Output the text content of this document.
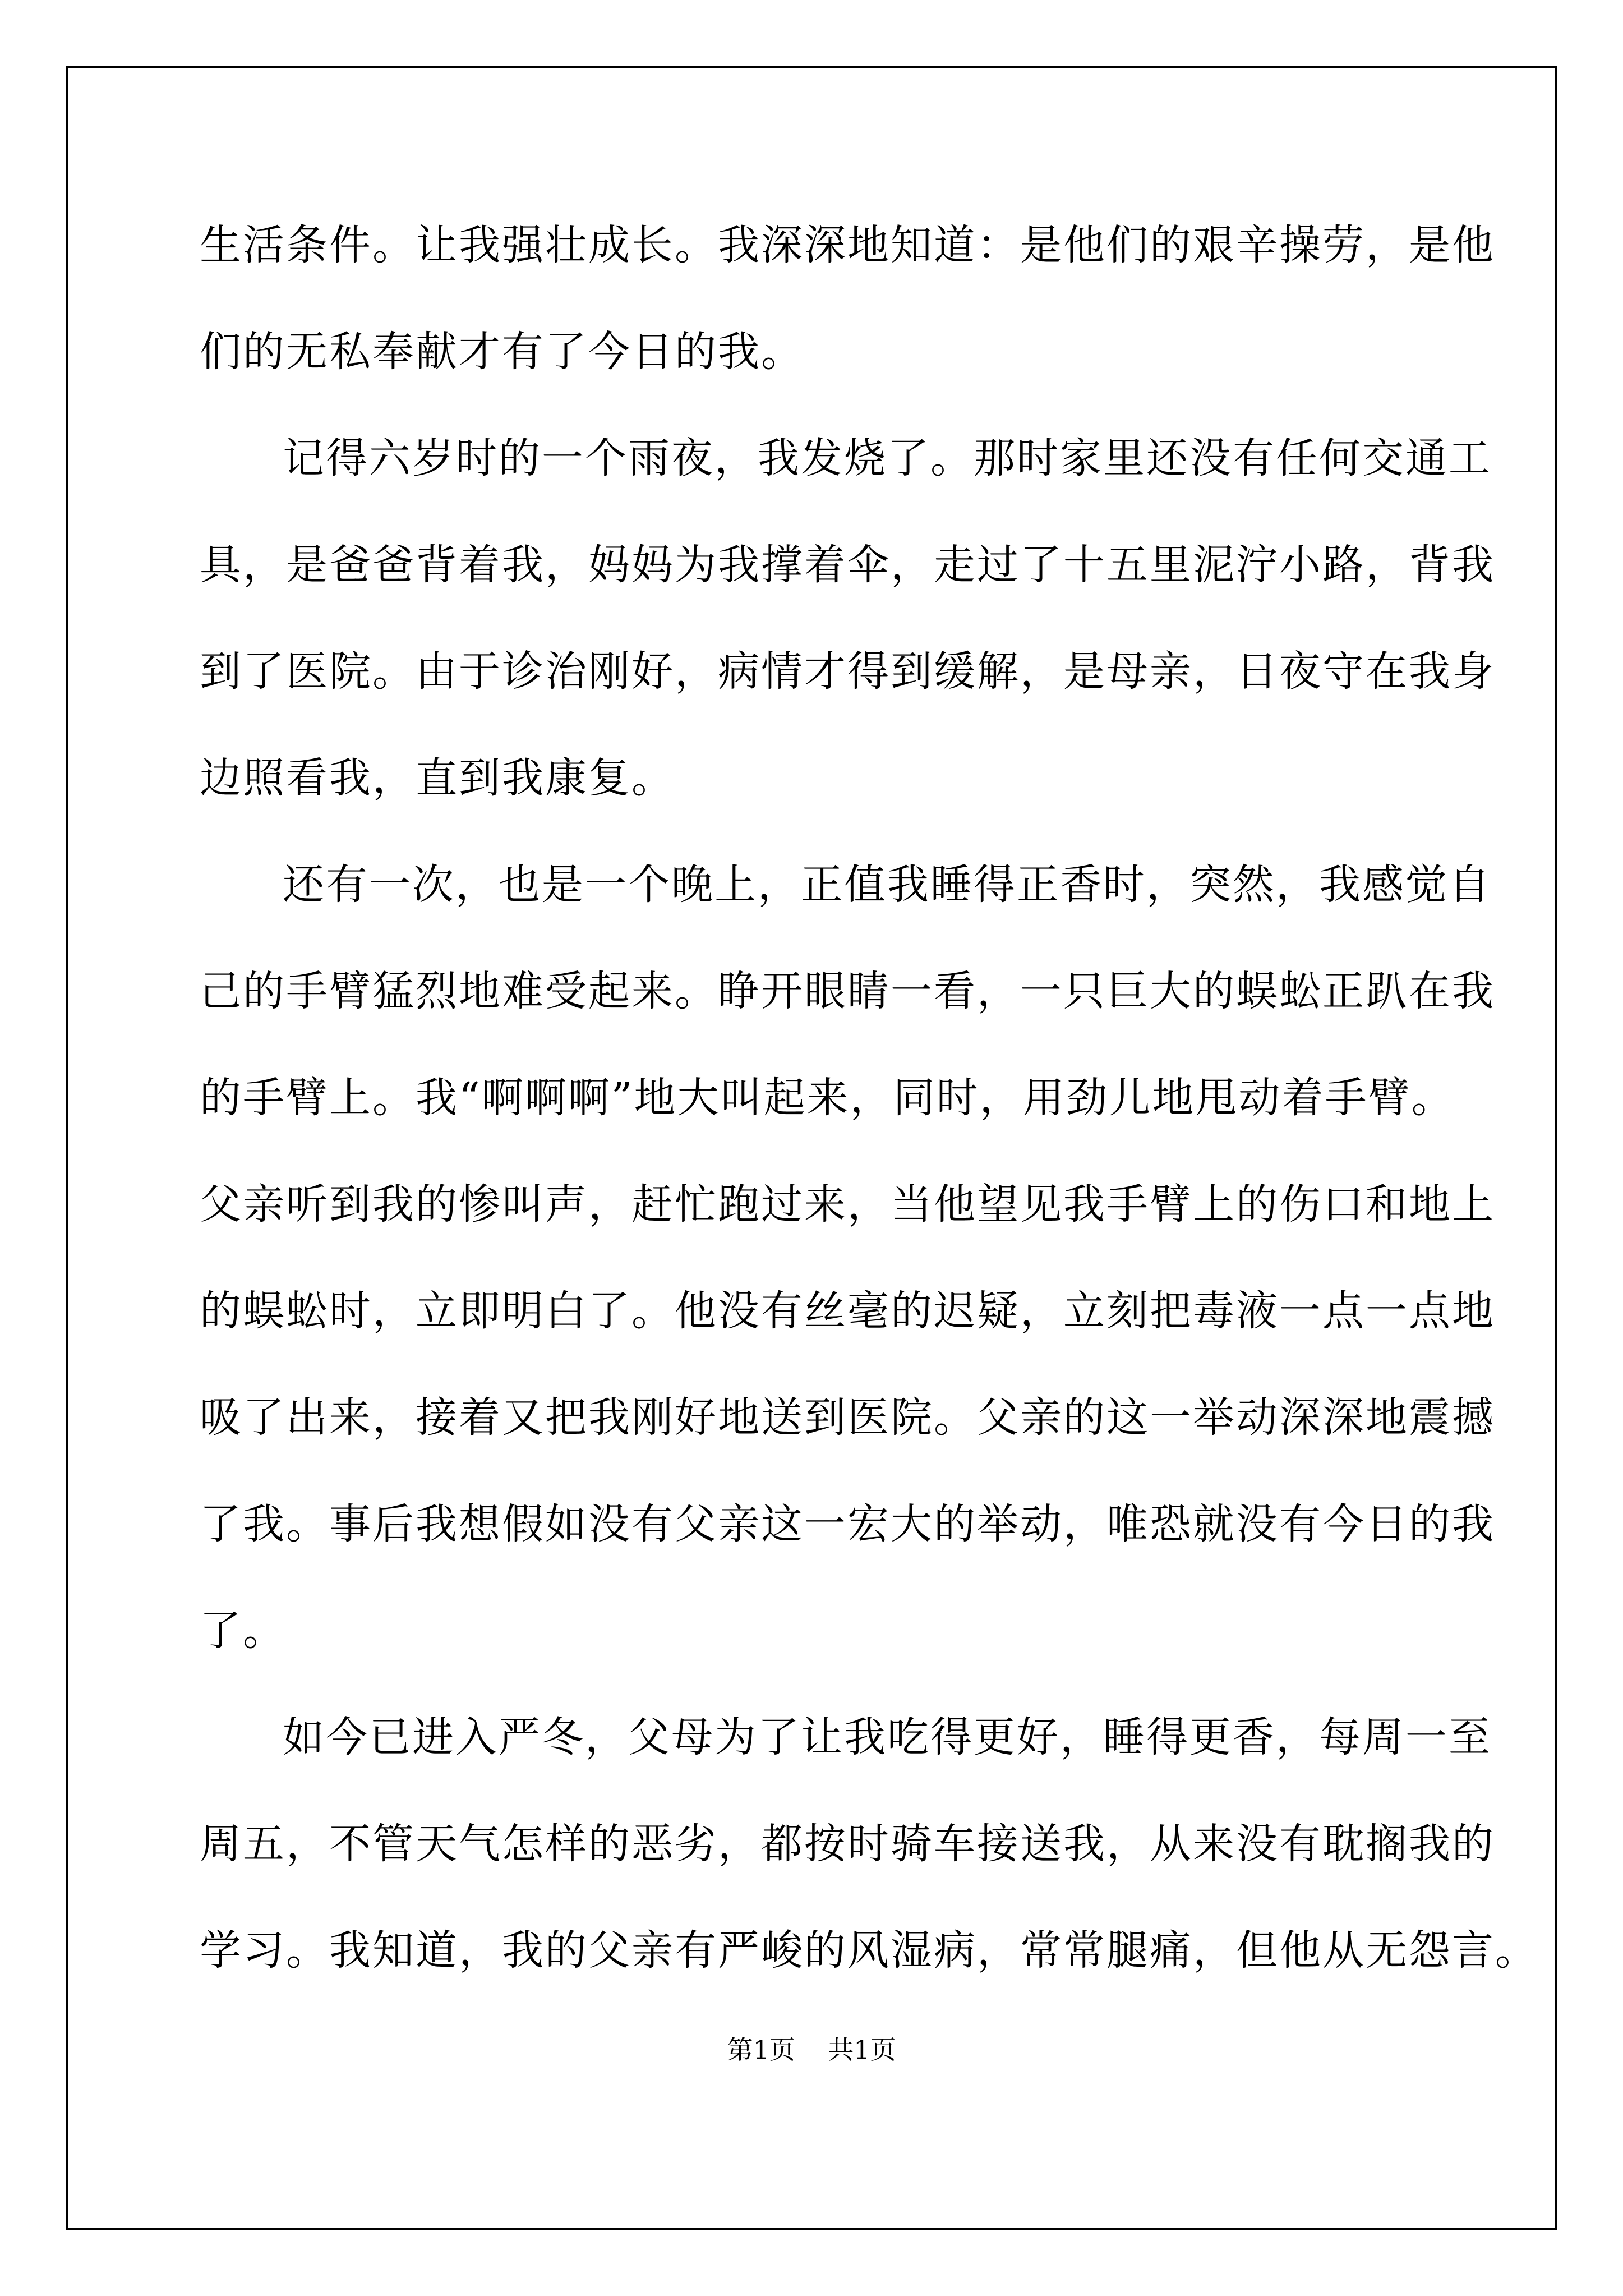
生活条件。让我强壮成长。我深深地知道：是他们的艰辛操劳，是他
们的无私奉献才有了今日的我。
记得六岁时的一个雨夜，我发烧了。那时家里还没有任何交通工
具，是爸爸背着我，妈妈为我撑着伞，走过了十五里泥泞小路，背我
到了医院。由于诊治刚好，病情才得到缓解，是母亲，日夜守在我身
边照看我，直到我康复。
还有一次，也是一个晚上，正值我睡得正香时，突然，我感觉自
己的手臂猛烈地难受起来。睁开眼睛一看，一只巨大的蜈蚣正趴在我
的手臂上。我“啊啊啊”地大叫起来，同时，用劲儿地甩动着手臂。
父亲听到我的惨叫声，赶忙跑过来，当他望见我手臂上的伤口和地上
的蜈蚣时，立即明白了。他没有丝毫的迟疑，立刻把毒液一点一点地
吸了出来，接着又把我刚好地送到医院。父亲的这一举动深深地震撼
了我。事后我想假如没有父亲这一宏大的举动，唯恐就没有今日的我
了。
如今已进入严冬，父母为了让我吃得更好，睡得更香，每周一至
周五，不管天气怎样的恶劣，都按时骑车接送我，从来没有耽搁我的
学习。我知道，我的父亲有严峻的风湿病，常常腿痛，但他从无怨言。
第1页    共1页
